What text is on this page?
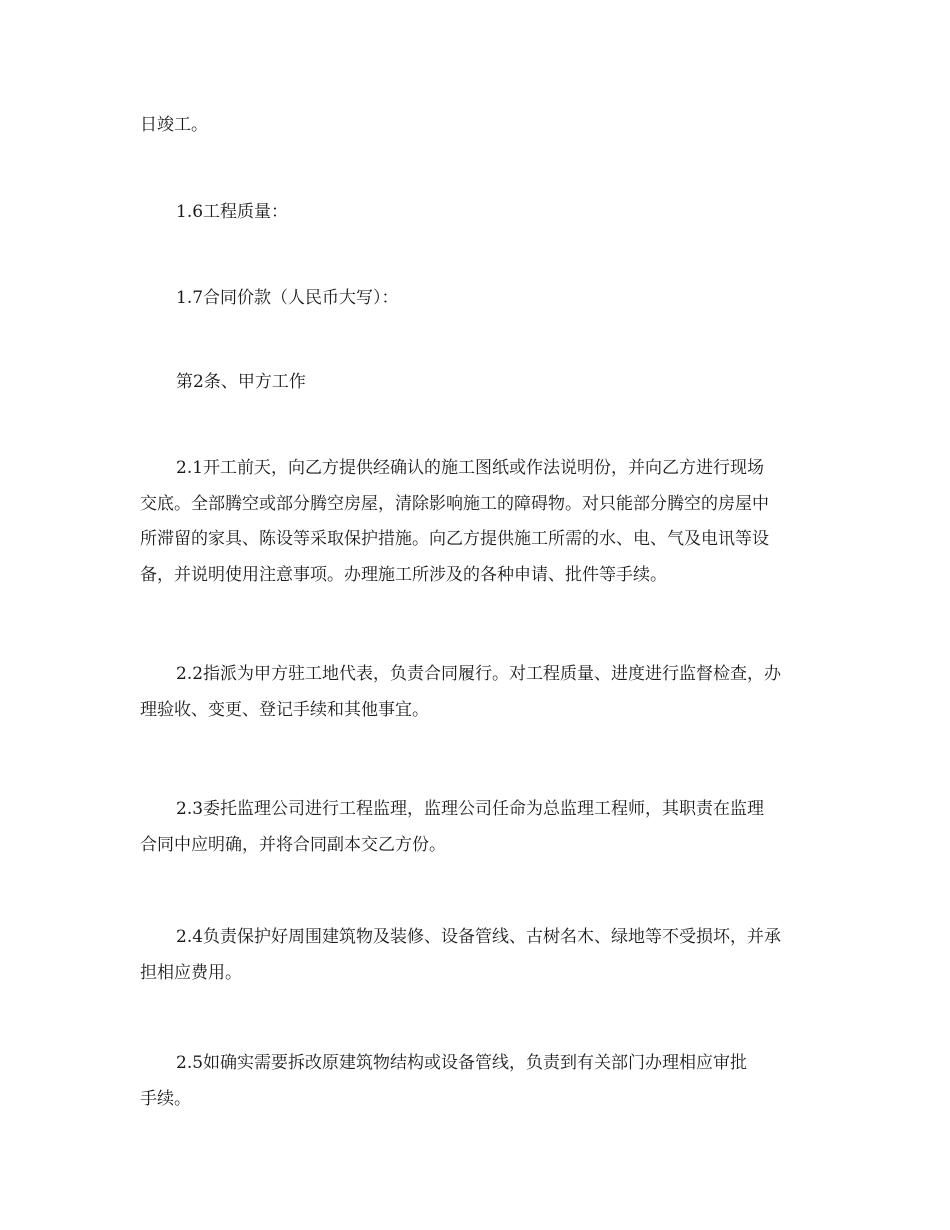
日竣工。

1.6工程质量：

1.7合同价款（人民币大写）：

第2条、甲方工作

2.1开工前天，向乙方提供经确认的施工图纸或作法说明份，并向乙方进行现场
交底。全部腾空或部分腾空房屋，清除影响施工的障碍物。对只能部分腾空的房屋中
所滞留的家具、陈设等采取保护措施。向乙方提供施工所需的水、电、气及电讯等设
备，并说明使用注意事项。办理施工所涉及的各种申请、批件等手续。

2.2指派为甲方驻工地代表，负责合同履行。对工程质量、进度进行监督检查，办
理验收、变更、登记手续和其他事宜。

2.3委托监理公司进行工程监理，监理公司任命为总监理工程师，其职责在监理
合同中应明确，并将合同副本交乙方份。

2.4负责保护好周围建筑物及装修、设备管线、古树名木、绿地等不受损坏，并承
担相应费用。

2.5如确实需要拆改原建筑物结构或设备管线，负责到有关部门办理相应审批
手续。
